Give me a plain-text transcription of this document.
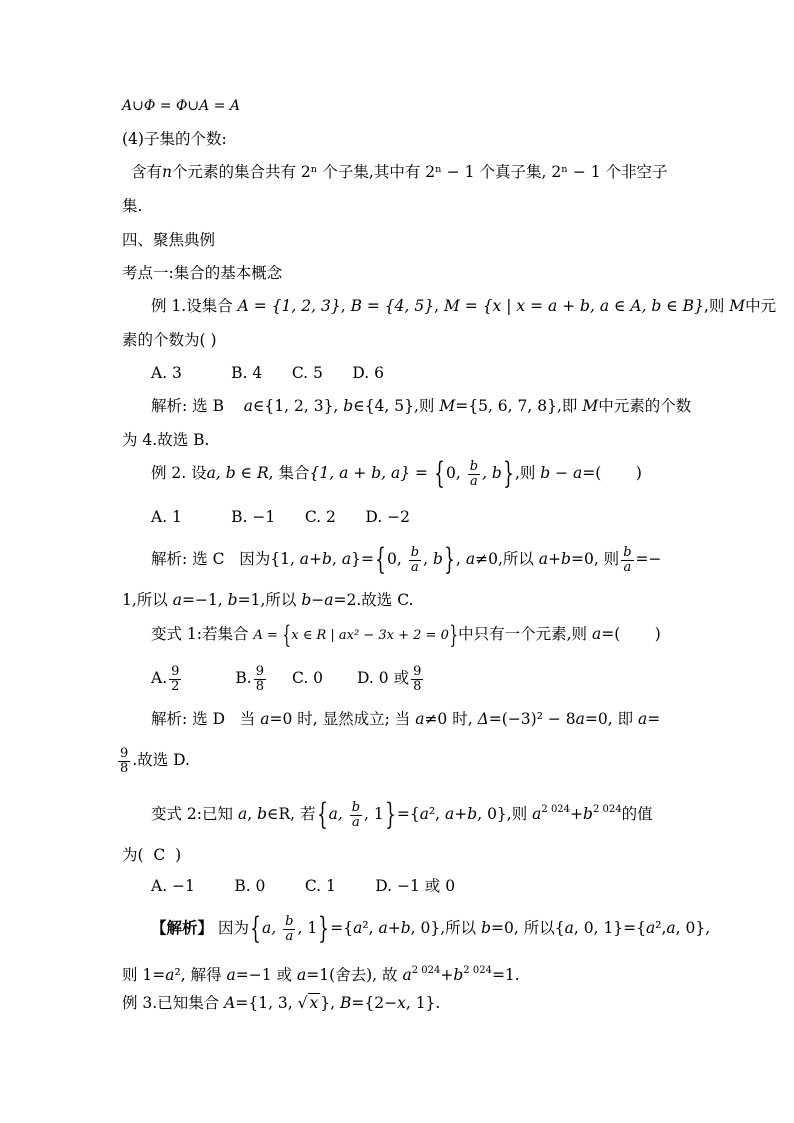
A∪Φ = Φ∪A = A
(4)子集的个数:
含有n个元素的集合共有 2ⁿ 个子集,其中有 2ⁿ − 1 个真子集, 2ⁿ − 1 个非空子
集.
四、聚焦典例
考点一:集合的基本概念
例 1.设集合 A = {1, 2, 3}, B = {4, 5}, M = {x | x = a + b, a ∈ A, b ∈ B},则 M中元
素的个数为( )
A. 3          B. 4      C. 5      D. 6
解析: 选 B    a∈{1, 2, 3}, b∈{4, 5},则 M={5, 6, 7, 8},即 M中元素的个数
为 4.故选 B.
例 2. 设a, b ∈ R, 集合{1, a + b, a} = {0, $\frac{b}{a}$ , b},则 b − a=(       )
A. 1          B. −1      C. 2      D. −2
解析: 选 C   因为{1, a+b, a}={0, $\frac{b}{a}$ , b}, a≠0,所以 a+b=0, 则 $\frac{b}{a}$ =−
1,所以 a=−1, b=1,所以 b−a=2.故选 C.
变式 1:若集合 A = {x ∈ R | ax² − 3x + 2 = 0}中只有一个元素,则 a=(       )
A. $\frac{9}{2}$	B. $\frac{9}{8} C$. 0 D. 0 或 $\frac{9}{8}$
解析: 选 D   当 a=0 时, 显然成立; 当 a≠0 时, Δ=(−3)² − 8a=0, 即 a=
$\frac{9}{8}$ .故选 D.
变式 2:已知 a, b∈R, 若{a, $\frac{b}{a}$ , 1}={a², a+b, 0},则 $a^{2 024}+b^{2 024}$的值
为(  C  )
A. −1        B. 0        C. 1        D. −1 或 0
【解析】 因为{a, $\frac{b}{a}$ , 1}={a², a+b, 0},所以 b=0, 所以{a, 0, 1}={a²,a, 0},
则 1=a², 解得 a=−1 或 a=1(舍去), 故 $a^{2 024}+b^{2 024}=1$.
例 3.已知集合 A={1, 3, √ x }, B={2−x, 1}.
